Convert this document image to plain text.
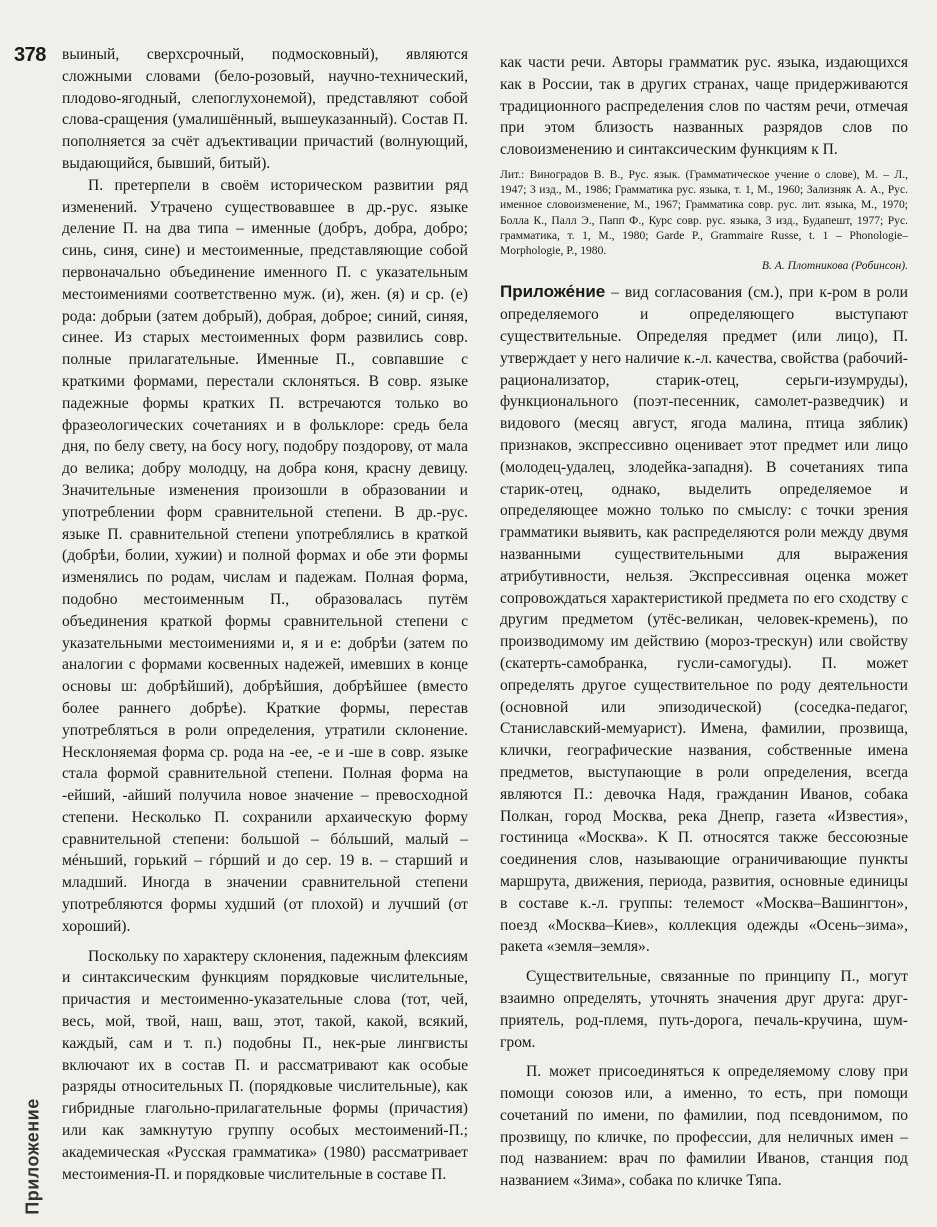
378
Приложение

выиный, сверхсрочный, подмосковный), являются сложными словами (бело-розовый, научно-технический, плодово-ягодный, слепоглухонемой), представляют собой слова-сращения (умалишённый, вышеуказанный). Состав П. пополняется за счёт адъективации причастий (волнующий, выдающийся, бывший, битый).

П. претерпели в своём историческом развитии ряд изменений. Утрачено существовавшее в др.-рус. языке деление П. на два типа – именные (добръ, добра, добро; синь, синя, сине) и местоименные, представляющие собой первоначально объединение именного П. с указательным местоимениями соответственно муж. (и), жен. (я) и ср. (е) рода: добрыи (затем добрый), добрая, доброе; синий, синяя, синее. Из старых местоименных форм развились совр. полные прилагательные. Именные П., совпавшие с краткими формами, перестали склоняться. В совр. языке падежные формы кратких П. встречаются только во фразеологических сочетаниях и в фольклоре: средь бела дня, по белу свету, на босу ногу, подобру поздорову, от мала до велика; добру молодцу, на добра коня, красну девицу. Значительные изменения произошли в образовании и употреблении форм сравнительной степени. В др.-рус. языке П. сравнительной степени употреблялись в краткой (добрѣи, болии, хужии) и полной формах и обе эти формы изменялись по родам, числам и падежам. Полная форма, подобно местоименным П., образовалась путём объединения краткой формы сравнительной степени с указательными местоимениями и, я и е: добрѣи (затем по аналогии с формами косвенных надежей, имевших в конце основы ш: добрѣйший), добрѣйшия, добрѣйшее (вместо более раннего добрѣе). Краткие формы, перестав употребляться в роли определения, утратили склонение. Несклоняемая форма ср. рода на -ее, -е и -ше в совр. языке стала формой сравнительной степени. Полная форма на -ейший, -айший получила новое значение – превосходной степени. Несколько П. сохранили архаическую форму сравнительной степени: большой – бóльший, малый – мéньший, горький – гóрший и до сер. 19 в. – старший и младший. Иногда в значении сравнительной степени употребляются формы худший (от плохой) и лучший (от хороший).

Поскольку по характеру склонения, падежным флексиям и синтаксическим функциям порядковые числительные, причастия и местоименно-указательные слова (тот, чей, весь, мой, твой, наш, ваш, этот, такой, какой, всякий, каждый, сам и т. п.) подобны П., нек-рые лингвисты включают их в состав П. и рассматривают как особые разряды относительных П. (порядковые числительные), как гибридные глагольно-прилагательные формы (причастия) или как замкнутую группу особых местоимений-П.; академическая «Русская грамматика» (1980) рассматривает местоимения-П. и порядковые числительные в составе П.

как части речи. Авторы грамматик рус. языка, издающихся как в России, так в других странах, чаще придерживаются традиционного распределения слов по частям речи, отмечая при этом близость названных разрядов слов по словоизменению и синтаксическим функциям к П.

Лит.: Виноградов В. В., Рус. язык. (Грамматическое учение о слове), М. – Л., 1947; 3 изд., М., 1986; Грамматика рус. языка, т. 1, М., 1960; Зализняк А. А., Рус. именное словоизменение, М., 1967; Грамматика совр. рус. лит. языка, М., 1970; Болла К., Палл Э., Папп Ф., Курс совр. рус. языка, 3 изд., Будапешт, 1977; Рус. грамматика, т. 1, М., 1980; Garde P., Grammaire Russe, t. 1 – Phonologie–Morphologie, P., 1980.
В. А. Плотникова (Робинсон).

Приложе́ние – вид согласования (см.), при к-ром в роли определяемого и определяющего выступают существительные. Определяя предмет (или лицо), П. утверждает у него наличие к.-л. качества, свойства (рабочий-рационализатор, старик-отец, серьги-изумруды), функционального (поэт-песенник, самолет-разведчик) и видового (месяц август, ягода малина, птица зяблик) признаков, экспрессивно оценивает этот предмет или лицо (молодец-удалец, злодейка-западня). В сочетаниях типа старик-отец, однако, выделить определяемое и определяющее можно только по смыслу: с точки зрения грамматики выявить, как распределяются роли между двумя названными существительными для выражения атрибутивности, нельзя. Экспрессивная оценка может сопровождаться характеристикой предмета по его сходству с другим предметом (утёс-великан, человек-кремень), по производимому им действию (мороз-трескун) или свойству (скатерть-самобранка, гусли-самогуды). П. может определять другое существительное по роду деятельности (основной или эпизодической) (соседка-педагог, Станиславский-мемуарист). Имена, фамилии, прозвища, клички, географические названия, собственные имена предметов, выступающие в роли определения, всегда являются П.: девочка Надя, гражданин Иванов, собака Полкан, город Москва, река Днепр, газета «Известия», гостиница «Москва». К П. относятся также бессоюзные соединения слов, называющие ограничивающие пункты маршрута, движения, периода, развития, основные единицы в составе к.-л. группы: телемост «Москва–Вашингтон», поезд «Москва–Киев», коллекция одежды «Осень–зима», ракета «земля–земля».

Существительные, связанные по принципу П., могут взаимно определять, уточнять значения друг друга: друг-приятель, род-племя, путь-дорога, печаль-кручина, шум-гром.

П. может присоединяться к определяемому слову при помощи союзов или, а именно, то есть, при помощи сочетаний по имени, по фамилии, под псевдонимом, по прозвищу, по кличке, по профессии, для неличных имен – под названием: врач по фамилии Иванов, станция под названием «Зима», собака по кличке Тяпа.
